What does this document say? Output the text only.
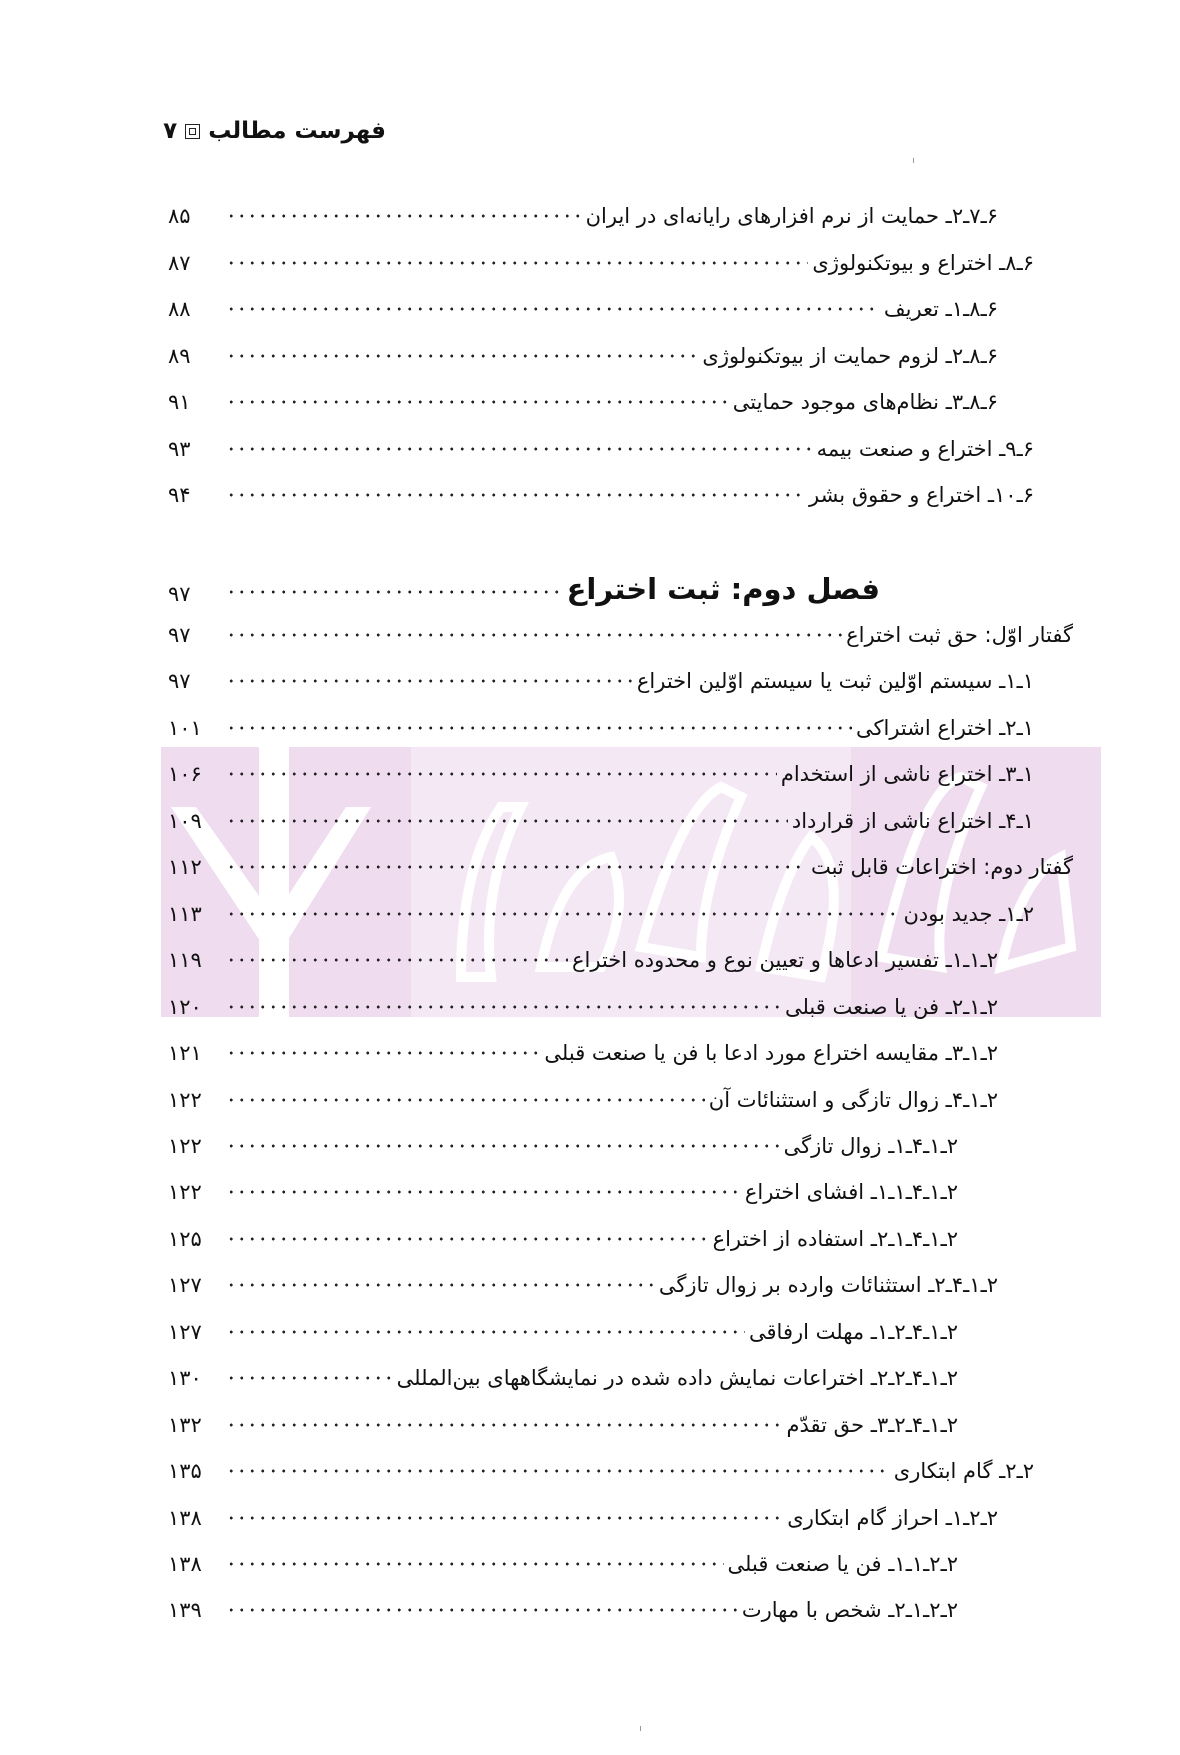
فهرست مطالب
۷
۶ـ۷ـ۲ـ حمایت از نرم افزارهای رایانه‌ای در ایران
۸۵
۶ـ۸ـ اختراع و بیوتکنولوژی
۸۷
۶ـ۸ـ۱ـ تعریف
۸۸
۶ـ۸ـ۲ـ لزوم حمایت از بیوتکنولوژی
۸۹
۶ـ۸ـ۳ـ نظام‌های موجود حمایتی
۹۱
۶ـ۹ـ اختراع و صنعت بیمه
۹۳
۶ـ۱۰ـ اختراع و حقوق بشر
۹۴
فصل دوم: ثبت اختراع
۹۷
گفتار اوّل: حق ثبت اختراع
۹۷
۱ـ۱ـ سیستم اوّلین ثبت یا سیستم اوّلین اختراع
۹۷
۱ـ۲ـ اختراع اشتراکی
۱۰۱
۱ـ۳ـ اختراع ناشی از استخدام
۱۰۶
۱ـ۴ـ اختراع ناشی از قرارداد
۱۰۹
گفتار دوم: اختراعات قابل ثبت
۱۱۲
۲ـ۱ـ جدید بودن
۱۱۳
۲ـ۱ـ۱ـ تفسیر ادعاها و تعیین نوع و محدوده اختراع
۱۱۹
۲ـ۱ـ۲ـ فن یا صنعت قبلی
۱۲۰
۲ـ۱ـ۳ـ مقایسه اختراع مورد ادعا با فن یا صنعت قبلی
۱۲۱
۲ـ۱ـ۴ـ زوال تازگی و استثنائات آن
۱۲۲
۲ـ۱ـ۴ـ۱ـ زوال تازگی
۱۲۲
۲ـ۱ـ۴ـ۱ـ۱ـ افشای اختراع
۱۲۲
۲ـ۱ـ۴ـ۱ـ۲ـ استفاده از اختراع
۱۲۵
۲ـ۱ـ۴ـ۲ـ استثنائات وارده بر زوال تازگی
۱۲۷
۲ـ۱ـ۴ـ۲ـ۱ـ مهلت ارفاقی
۱۲۷
۲ـ۱ـ۴ـ۲ـ۲ـ اختراعات نمایش داده شده در نمایشگاههای بین‌المللی
۱۳۰
۲ـ۱ـ۴ـ۲ـ۳ـ حق تقدّم
۱۳۲
۲ـ۲ـ گام ابتکاری
۱۳۵
۲ـ۲ـ۱ـ احراز گام ابتکاری
۱۳۸
۲ـ۲ـ۱ـ۱ـ فن یا صنعت قبلی
۱۳۸
۲ـ۲ـ۱ـ۲ـ شخص با مهارت
۱۳۹
